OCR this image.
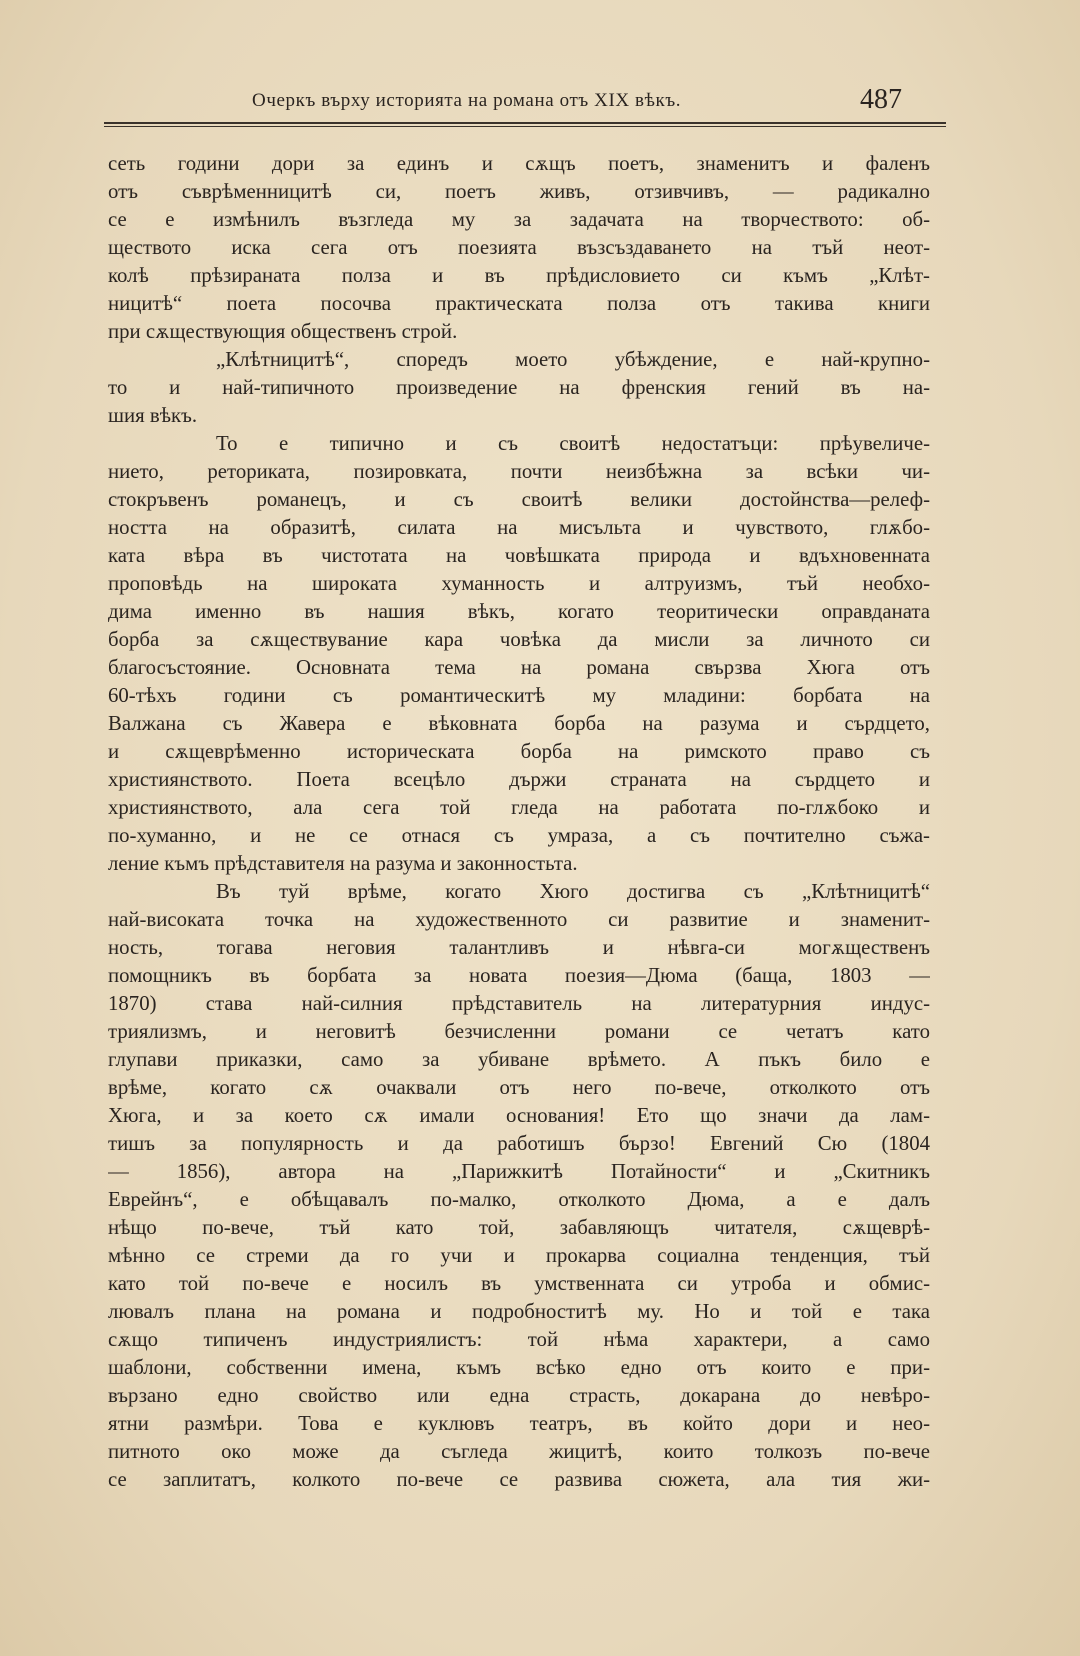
Очеркъ върху историята на романа отъ XIX вѣкъ.	487
сеть години дори за единъ и сѫщъ поетъ, знаменитъ и фаленъ
отъ съврѣменницитѣ си, поетъ живъ, отзивчивъ, — радикално
се е измѣнилъ възгледа му за задачата на творчеството: об-
ществото иска сега отъ поезията възсъздаването на тъй неот-
колѣ прѣзираната полза и въ прѣдисловието си къмъ „Клѣт-
ницитѣ“ поета посочва практическата полза отъ такива книги
при сѫществующия общественъ строй.
„Клѣтницитѣ“, споредъ моето убѣждение, е най-крупно-
то и най-типичното произведение на френския гений въ на-
шия вѣкъ.
То е типично и съ своитѣ недостатъци: прѣувеличе-
нието, реториката, позировката, почти неизбѣжна за всѣки чи-
стокръвенъ романецъ, и съ своитѣ велики достойнства—релеф-
ността на образитѣ, силата на мисъльта и чувството, глѫбо-
ката вѣра въ чистотата на човѣшката природа и вдъхновенната
проповѣдь на широката хуманность и алтруизмъ, тъй необхо-
дима именно въ нашия вѣкъ, когато теоритически оправданата
борба за сѫществувание кара човѣка да мисли за личното си
благосъстояние. Основната тема на романа свързва Хюга отъ
60-тѣхъ години съ романтическитѣ му младини: борбата на
Валжана съ Жавера е вѣковната борба на разума и сърдцето,
и сѫщеврѣменно историческата борба на римското право съ
християнството. Поета всецѣло държи страната на сърдцето и
християнството, ала сега той гледа на работата по-глѫбоко и
по-хуманно, и не се отнася съ умраза, а съ почтително съжа-
ление къмъ прѣдставителя на разума и законностьта.
Въ туй врѣме, когато Хюго достигва съ „Клѣтницитѣ“
най-високата точка на художественното си развитие и знаменит-
ность, тогава неговия талантливъ и нѣвга-си могѫщественъ
помощникъ въ борбата за новата поезия—Дюма (баща, 1803 —
1870) става най-силния прѣдставитель на литературния индус-
триялизмъ, и неговитѣ безчисленни романи се четатъ като
глупави приказки, само за убиване врѣмето. А пъкъ било е
врѣме, когато сѫ очаквали отъ него по-вече, отколкото отъ
Хюга, и за което сѫ имали основания! Ето що значи да лам-
тишъ за популярность и да работишъ бързо! Евгений Сю (1804
— 1856), автора на „Парижкитѣ Потайности“ и „Скитникъ
Еврейнъ“, е обѣщавалъ по-малко, отколкото Дюма, а е далъ
нѣщо по-вече, тъй като той, забавляющъ читателя, сѫщеврѣ-
мѣнно се стреми да го учи и прокарва социална тенденция, тъй
като той по-вече е носилъ въ умственната си утроба и обмис-
лювалъ плана на романа и подробноститѣ му. Но и той е така
сѫщо типиченъ индустриялистъ: той нѣма характери, а само
шаблони, собственни имена, къмъ всѣко едно отъ които е при-
вързано едно свойство или една страсть, докарана до невѣро-
ятни размѣри. Това е куклювъ театръ, въ който дори и нео-
питното око може да съгледа жицитѣ, които толкозъ по-вече
се заплитатъ, колкото по-вече се развива сюжета, ала тия жи-
